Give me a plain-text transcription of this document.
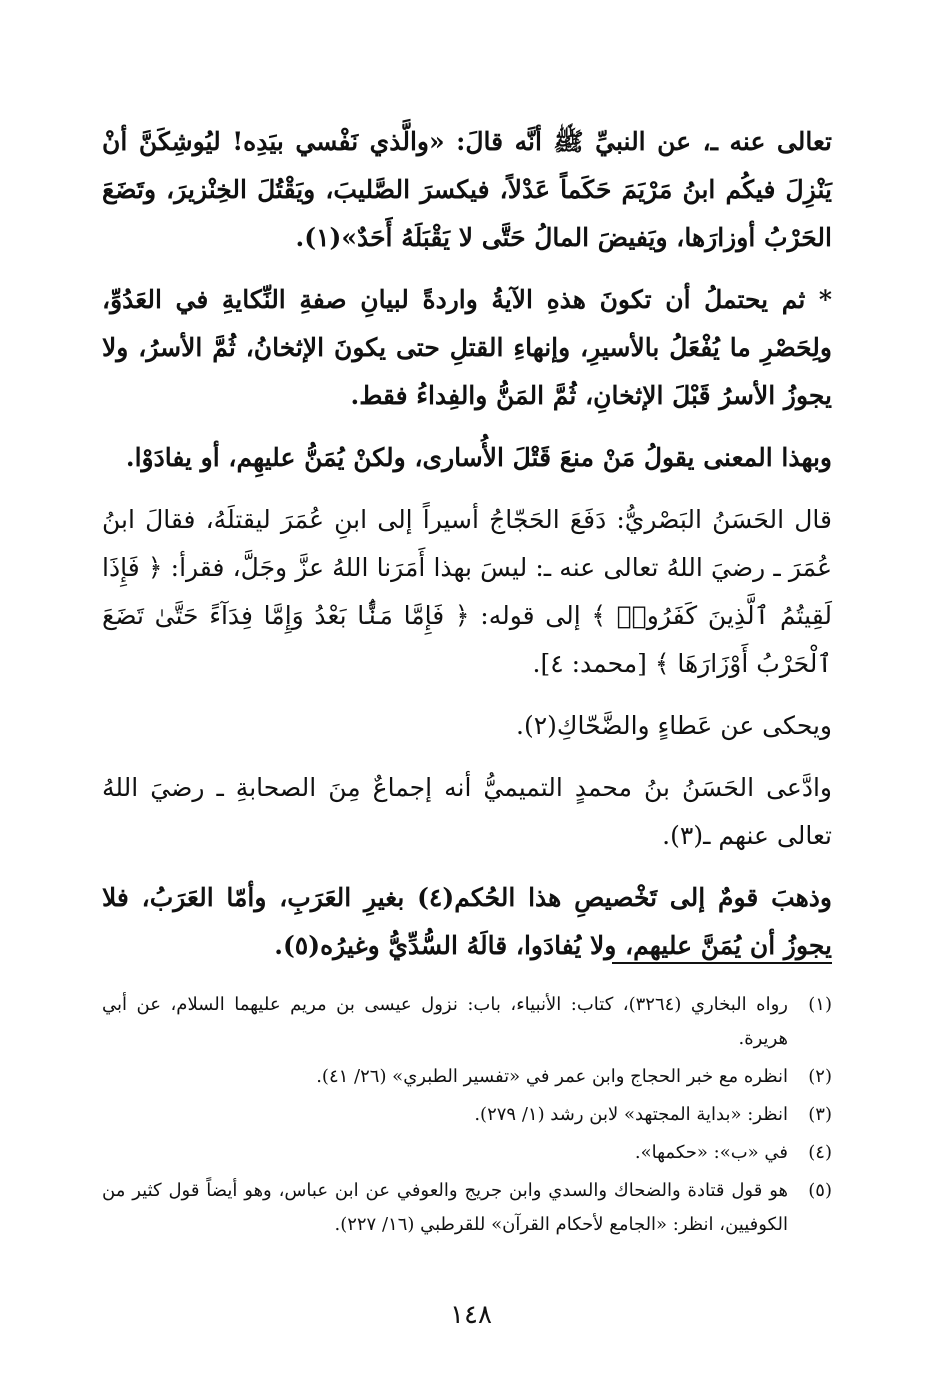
تعالى عنه ـ، عن النبيِّ ﷺ أنَّه قالَ: «والَّذي نَفْسي بيَدِه! ليُوشِكَنَّ أنْ يَنْزِلَ فيكُم ابنُ مَرْيَمَ حَكَماً عَدْلاً، فيكسرَ الصَّليبَ، ويَقْتُلَ الخِنْزيرَ، وتَضَعَ الحَرْبُ أوزارَها، ويَفيضَ المالُ حَتَّى لا يَقْبَلَهُ أَحَدٌ»(١).

* ثم يحتملُ أن تكونَ هذهِ الآيةُ واردةً لبيانِ صفةِ النِّكايةِ في العَدُوِّ، ولِحَصْرِ ما يُفْعَلُ بالأسيرِ، وإنهاءِ القتلِ حتى يكونَ الإثخانُ، ثُمَّ الأسرُ، ولا يجوزُ الأسرُ قَبْلَ الإثخانِ، ثُمَّ المَنُّ والفِداءُ فقط.

وبهذا المعنى يقولُ مَنْ منعَ قَتْلَ الأُسارى، ولكنْ يُمَنُّ عليهِم، أو يفادَوْا.

قال الحَسَنُ البَصْريُّ: دَفَعَ الحَجّاجُ أسيراً إلى ابنِ عُمَرَ ليقتلَهُ، فقالَ ابنُ عُمَرَ ـ رضيَ اللهُ تعالى عنه ـ: ليسَ بهذا أَمَرَنا اللهُ عزَّ وجَلَّ، فقرأ: ﴿ فَإِذَا لَقِيتُمُ ٱلَّذِينَ كَفَرُوا۟ ﴾ إلى قوله: ﴿ فَإِمَّا مَنًّۢا بَعْدُ وَإِمَّا فِدَآءً حَتَّىٰ تَضَعَ ٱلْحَرْبُ أَوْزَارَهَا ﴾ [محمد: ٤].

ويحكى عن عَطاءٍ والضَّحّاكِ(٢).

وادَّعى الحَسَنُ بنُ محمدٍ التميميُّ أنه إجماعٌ مِنَ الصحابةِ ـ رضيَ اللهُ تعالى عنهم ـ(٣).

وذهبَ قومٌ إلى تَخْصيصِ هذا الحُكم(٤) بغيرِ العَرَبِ، وأمّا العَرَبُ، فلا يجوزُ أن يُمَنَّ عليهم، ولا يُفادَوا، قالَهُ السُّدِّيُّ وغيرُه(٥).

(١)
رواه البخاري (٣٢٦٤)، كتاب: الأنبياء، باب: نزول عيسى بن مريم عليهما السلام، عن أبي هريرة.
(٢)
انظره مع خبر الحجاج وابن عمر في «تفسير الطبري» (٢٦/ ٤١).
(٣)
انظر: «بداية المجتهد» لابن رشد (١/ ٢٧٩).
(٤)
في «ب»: «حكمها».
(٥)
هو قول قتادة والضحاك والسدي وابن جريج والعوفي عن ابن عباس، وهو أيضاً قول كثير من الكوفيين، انظر: «الجامع لأحكام القرآن» للقرطبي (١٦/ ٢٢٧).
١٤٨
